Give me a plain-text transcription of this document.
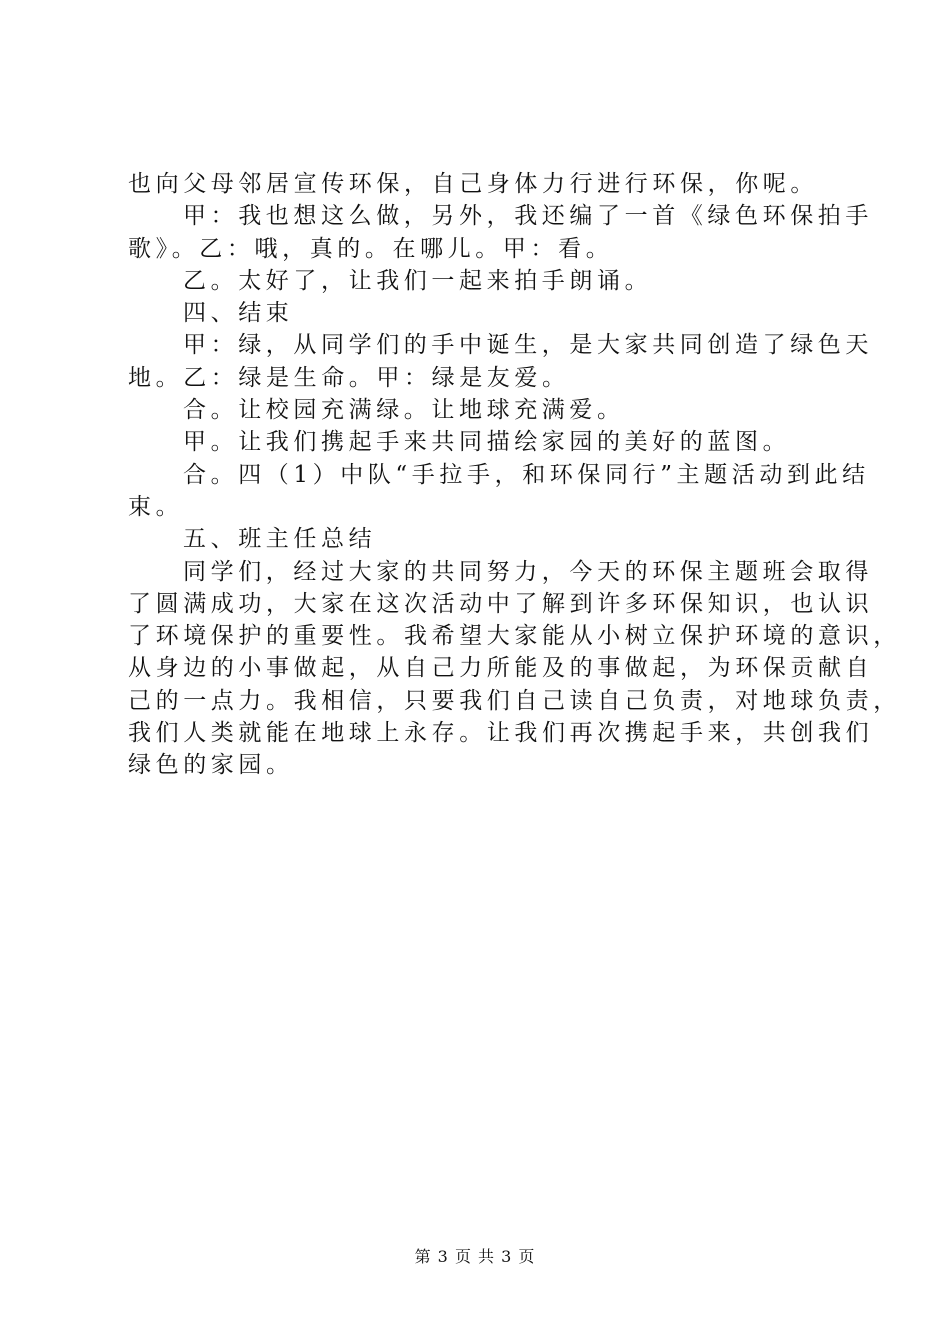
也向父母邻居宣传环保，自己身体力行进行环保，你呢。

甲：我也想这么做，另外，我还编了一首《绿色环保拍手
歌》。乙：哦，真的。在哪儿。甲：看。

乙。太好了，让我们一起来拍手朗诵。

四、结束

甲：绿，从同学们的手中诞生，是大家共同创造了绿色天
地。乙：绿是生命。甲：绿是友爱。

合。让校园充满绿。让地球充满爱。

甲。让我们携起手来共同描绘家园的美好的蓝图。

合。四（1）中队“手拉手，和环保同行”主题活动到此结
束。

五、班主任总结

同学们，经过大家的共同努力，今天的环保主题班会取得
了圆满成功，大家在这次活动中了解到许多环保知识，也认识
了环境保护的重要性。我希望大家能从小树立保护环境的意识，
从身边的小事做起，从自己力所能及的事做起，为环保贡献自
己的一点力。我相信，只要我们自己读自己负责，对地球负责，
我们人类就能在地球上永存。让我们再次携起手来，共创我们
绿色的家园。

第 3 页 共 3 页
